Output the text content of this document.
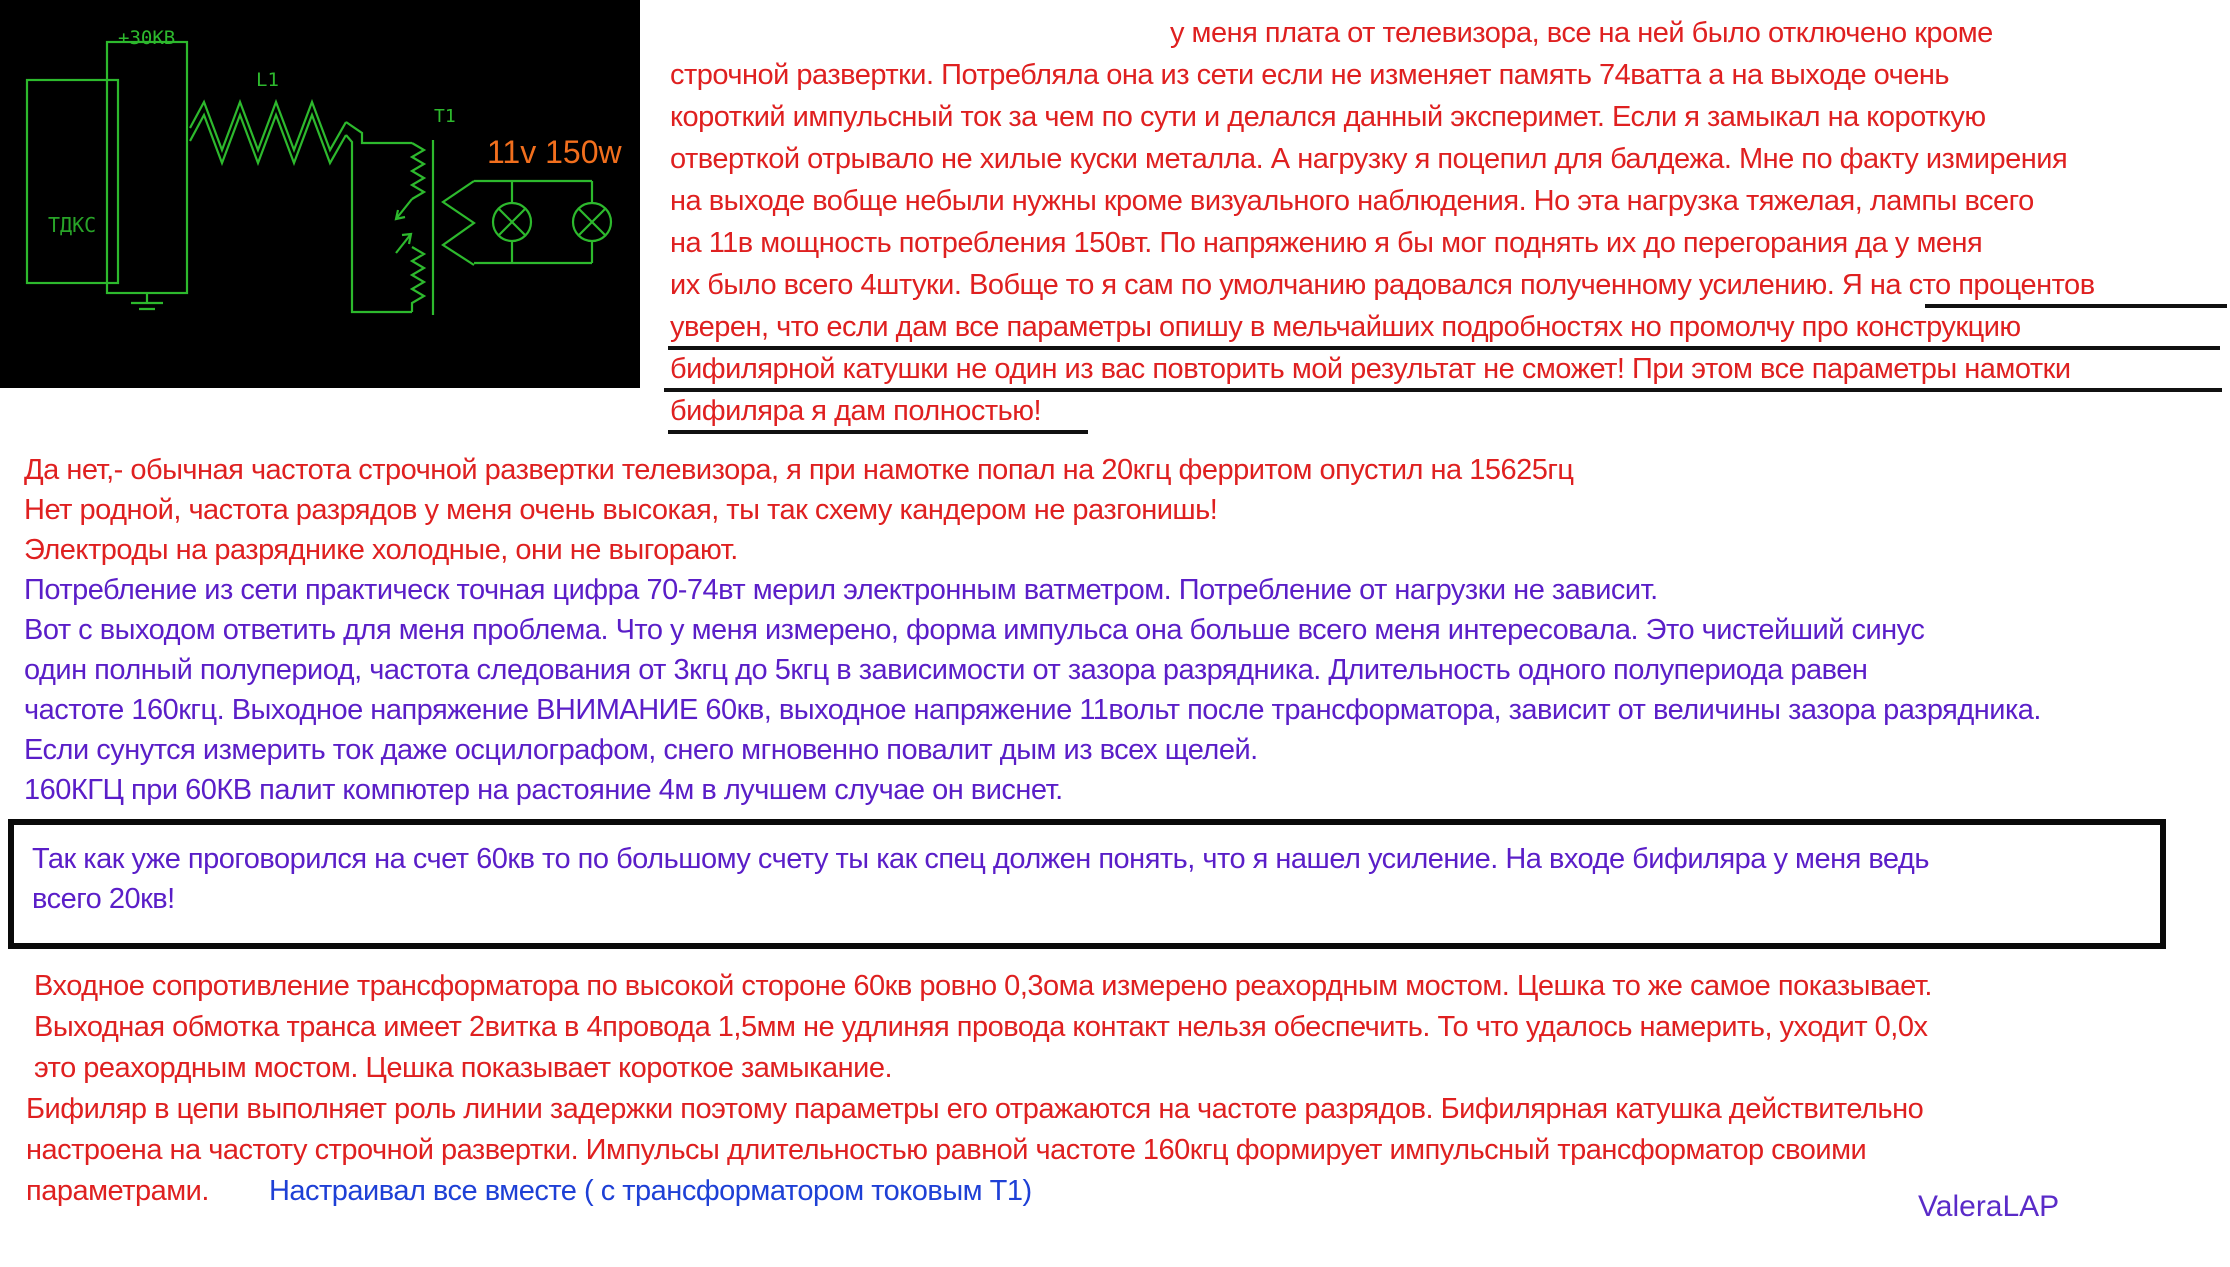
+30КВ
L1
Т1
ТДКС
11v 150w
у меня плата от телевизора, все на ней было отключено кроме
строчной развертки. Потребляла она из сети если не изменяет память 74ватта а на выходе очень
короткий импульсный ток за чем по сути и делался данный эксперимет. Если я замыкал на короткую
отверткой отрывало не хилые куски металла. А нагрузку я поцепил для балдежа. Мне по факту измирения
на выходе вобще небыли нужны кроме визуального наблюдения. Но эта нагрузка тяжелая, лампы всего
на 11в мощность потребления 150вт. По напряжению я бы мог поднять их до перегорания да у меня
их было всего 4штуки. Вобще то я сам по умолчанию радовался полученному усилению. Я на сто процентов
уверен, что если дам все параметры опишу в мельчайших подробностях но промолчу про конструкцию
бифилярной катушки не один из вас повторить мой результат не сможет! При этом все параметры намотки
бифиляра я дам полностью!
Да нет,- обычная частота строчной развертки телевизора, я при намотке попал на 20кгц ферритом опустил на 15625гц
Нет родной, частота разрядов у меня очень высокая, ты так схему кандером не разгонишь!
Электроды на разряднике холодные, они не выгорают.
Потребление из сети практическ точная цифра 70-74вт мерил электронным ватметром. Потребление от нагрузки не зависит.
Вот с выходом ответить для меня проблема. Что у меня измерено, форма импульса она больше всего меня интересовала. Это чистейший синус
один полный полупериод, частота следования от 3кгц до 5кгц в зависимости от зазора разрядника. Длительность одного полупериода равен
частоте 160кгц. Выходное напряжение ВНИМАНИЕ 60кв, выходное напряжение 11вольт после трансформатора, зависит от величины зазора разрядника.
Если сунутся измерить ток даже осцилографом, снего мгновенно повалит дым из всех щелей.
160КГЦ при 60КВ палит компютер на растояние 4м в лучшем случае он виснет.
Так как уже проговорился на счет 60кв то по большому счету ты как спец должен понять, что я нашел усиление. На входе бифиляра у меня ведь
всего 20кв!
Входное сопротивление трансформатора по высокой стороне 60кв ровно 0,3ома измерено реахордным мостом. Цешка то же самое показывает.
Выходная обмотка транса имеет 2витка в 4провода 1,5мм не удлиняя провода контакт нельзя обеспечить. То что удалось намерить, уходит 0,0х
это реахордным мостом. Цешка показывает короткое замыкание.
Бифиляр в цепи выполняет роль линии задержки поэтому параметры его отражаются на частоте разрядов. Бифилярная катушка действительно
настроена на частоту строчной развертки. Импульсы длительностью равной частоте 160кгц формирует импульсный трансформатор своими
параметрами. Настраивал все вместе ( с трансформатором токовым Т1)	ValeraLAP
